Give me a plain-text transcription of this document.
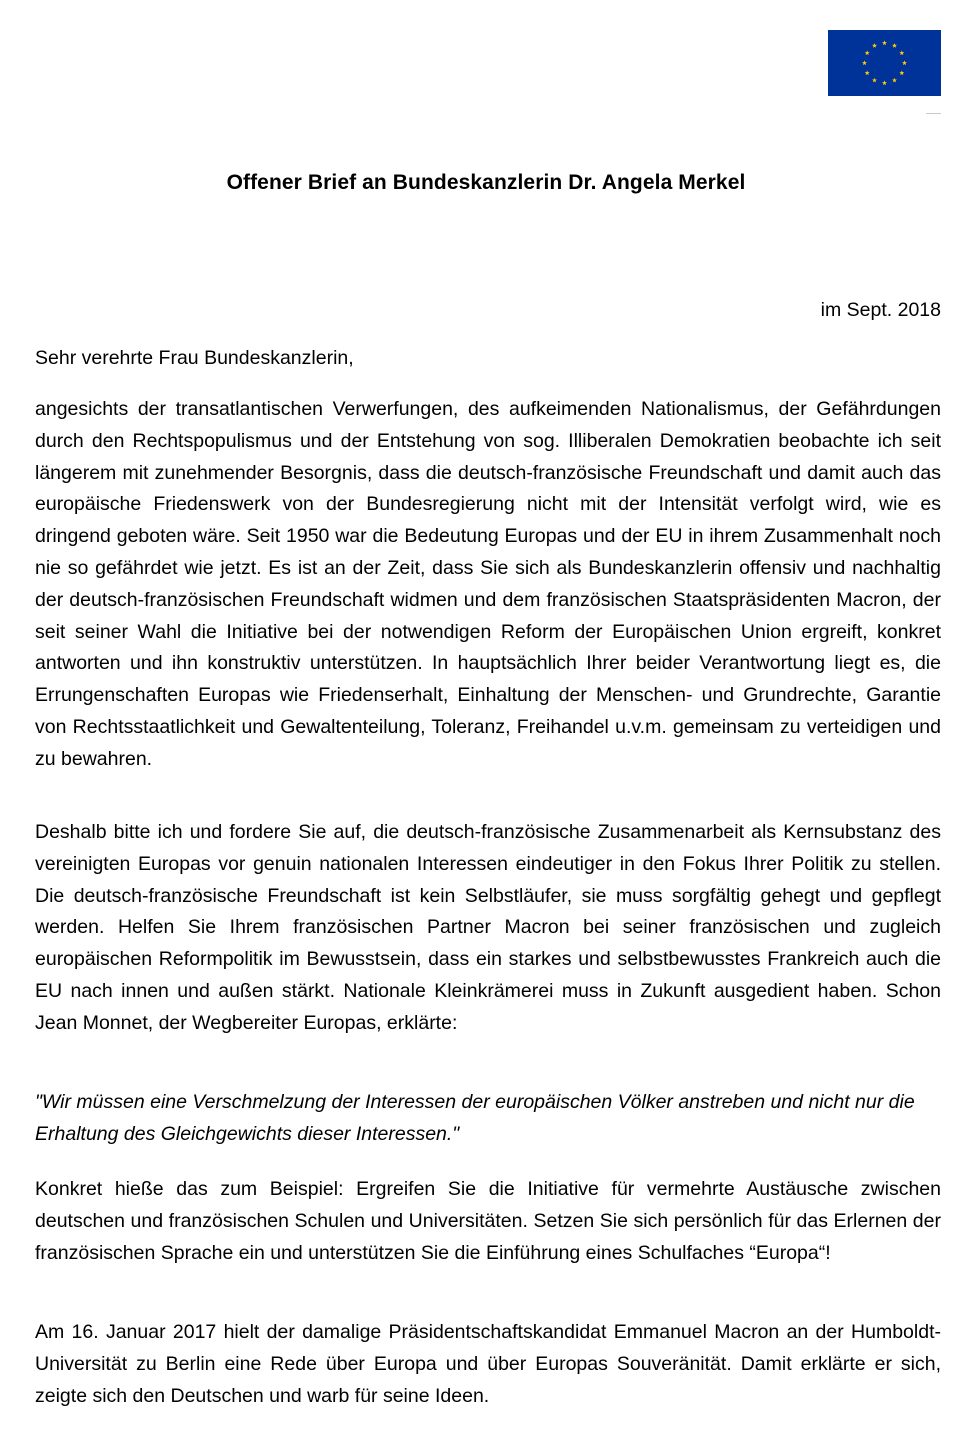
Offener Brief an Bundeskanzlerin Dr. Angela Merkel
im Sept. 2018
Sehr verehrte Frau Bundeskanzlerin,

angesichts der transatlantischen Verwerfungen, des aufkeimenden Nationalismus, der Gefährdungen durch den Rechtspopulismus und der Entstehung von sog. Illiberalen Demokratien beobachte ich seit längerem mit zunehmender Besorgnis, dass die deutsch-französische Freundschaft und damit auch das europäische Friedenswerk von der Bundesregierung nicht mit der Intensität verfolgt wird, wie es dringend geboten wäre. Seit 1950 war die Bedeutung Europas und der EU in ihrem Zusammenhalt noch nie so gefährdet wie jetzt. Es ist an der Zeit, dass Sie sich als Bundeskanzlerin offensiv und nachhaltig der deutsch-französischen Freundschaft widmen und dem französischen Staatspräsidenten Macron, der seit seiner Wahl die Initiative bei der notwendigen Reform der Europäischen Union ergreift, konkret antworten und ihn konstruktiv unterstützen. In hauptsächlich Ihrer beider Verantwortung liegt es, die Errungenschaften Europas wie Friedenserhalt, Einhaltung der Menschen- und Grundrechte, Garantie von Rechtsstaatlichkeit und Gewaltenteilung, Toleranz, Freihandel u.v.m. gemeinsam zu verteidigen und zu bewahren.

Deshalb bitte ich und fordere Sie auf, die deutsch-französische Zusammenarbeit als Kernsubstanz des vereinigten Europas vor genuin nationalen Interessen eindeutiger in den Fokus Ihrer Politik zu stellen. Die deutsch-französische Freundschaft ist kein Selbstläufer, sie muss sorgfältig gehegt und gepflegt werden. Helfen Sie Ihrem französischen Partner Macron bei seiner französischen und zugleich europäischen Reformpolitik im Bewusstsein, dass ein starkes und selbstbewusstes Frankreich auch die EU nach innen und außen stärkt. Nationale Kleinkrämerei muss in Zukunft ausgedient haben. Schon Jean Monnet, der Wegbereiter Europas, erklärte:

"Wir müssen eine Verschmelzung der Interessen der europäischen Völker anstreben und nicht nur die Erhaltung des Gleichgewichts dieser Interessen."

Konkret hieße das zum Beispiel: Ergreifen Sie die Initiative für vermehrte Austäusche zwischen deutschen und französischen Schulen und Universitäten. Setzen Sie sich persönlich für das Erlernen der französischen Sprache ein und unterstützen Sie die Einführung eines Schulfaches “Europa“!

Am 16. Januar 2017 hielt der damalige Präsidentschaftskandidat Emmanuel Macron an der Humboldt-Universität zu Berlin eine Rede über Europa und über Europas Souveränität. Damit erklärte er sich, zeigte sich den Deutschen und warb für seine Ideen.
